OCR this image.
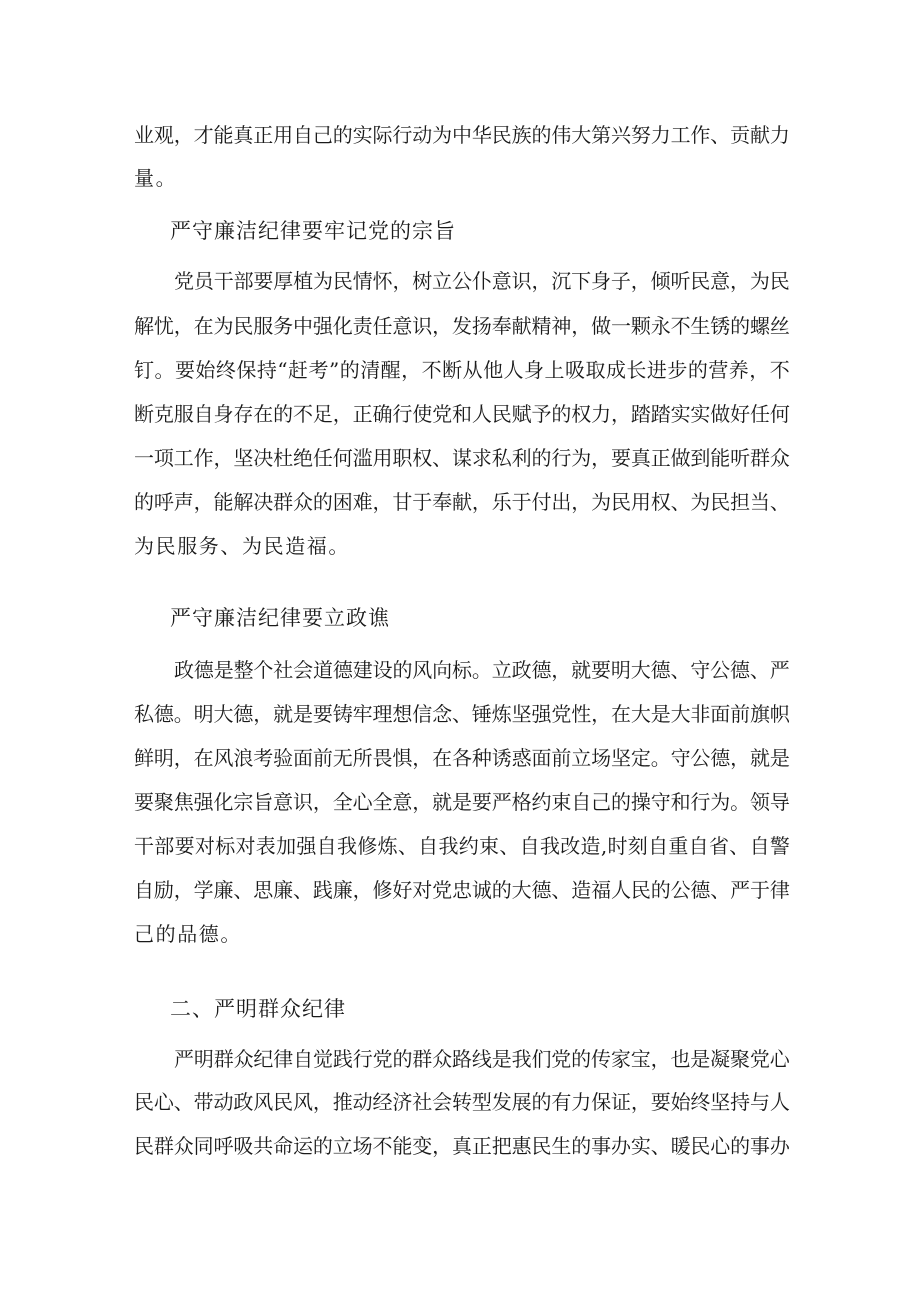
业观，才能真正用自己的实际行动为中华民族的伟大第兴努力工作、贡献力
量。
严守廉洁纪律要牢记党的宗旨
党员干部要厚植为民情怀，树立公仆意识，沉下身子，倾听民意，为民
解忧，在为民服务中强化责任意识，发扬奉献精神，做一颗永不生锈的螺丝
钉。要始终保持“赶考”的清醒，不断从他人身上吸取成长进步的营养，不
断克服自身存在的不足，正确行使党和人民赋予的权力，踏踏实实做好任何
一项工作，坚决杜绝任何滥用职权、谋求私利的行为，要真正做到能听群众
的呼声，能解决群众的困难，甘于奉献，乐于付出，为民用权、为民担当、
为民服务、为民造福。
严守廉洁纪律要立政谯
政德是整个社会道德建设的风向标。立政德，就要明大德、守公德、严
私德。明大德，就是要铸牢理想信念、锤炼坚强党性，在大是大非面前旗帜
鲜明，在风浪考验面前无所畏惧，在各种诱惑面前立场坚定。守公德，就是
要聚焦强化宗旨意识，全心全意，就是要严格约束自己的操守和行为。领导
干部要对标对表加强自我修炼、自我约束、自我改造,时刻自重自省、自警
自励，学廉、思廉、践廉，修好对党忠诚的大德、造福人民的公德、严于律
己的品德。
二、严明群众纪律
严明群众纪律自觉践行党的群众路线是我们党的传家宝，也是凝聚党心
民心、带动政风民风，推动经济社会转型发展的有力保证，要始终坚持与人
民群众同呼吸共命运的立场不能变，真正把惠民生的事办实、暖民心的事办
